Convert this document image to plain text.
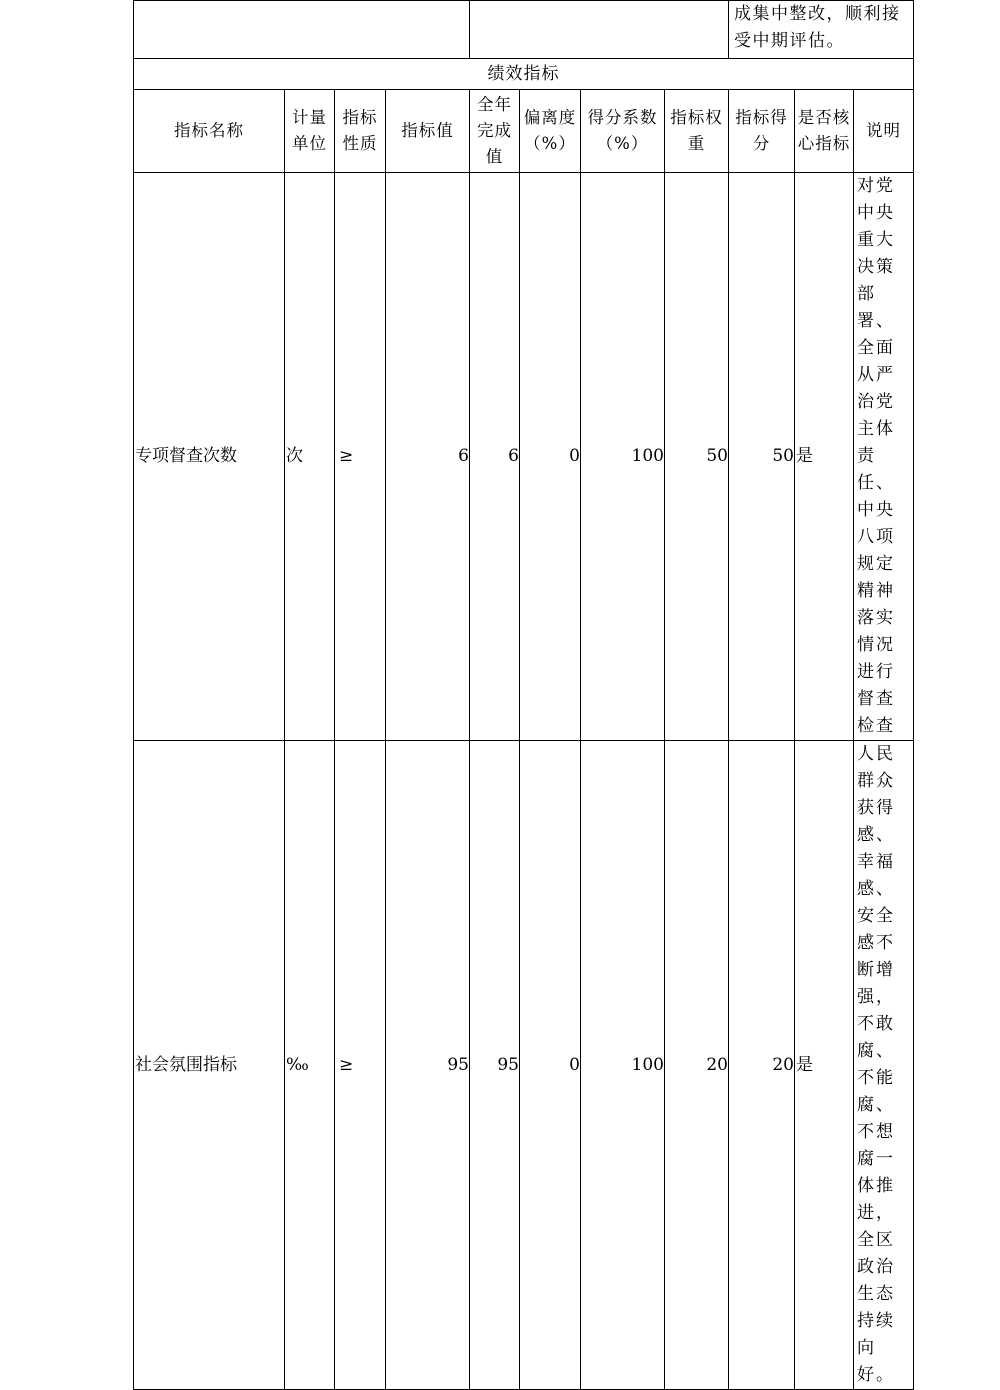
								成集中整改，顺利接受中期评估。		
绩效指标										
指标名称	计量单位	指标性质	指标值	全年完成值	偏离度（%）	得分系数（%）	指标权重	指标得分	是否核心指标	说明
专项督查次数	次	≥	6	6	0	100	50	50	是	对党中央重大决策部署、全面从严治党主体责任、中央八项规定精神落实情况进行督查检查
社会氛围指标	‰	≥	95	95	0	100	20	20	是	人民群众获得感、幸福感、安全感不断增强，不敢腐、不能腐、不想腐一体推进，全区政治生态持续向好。
